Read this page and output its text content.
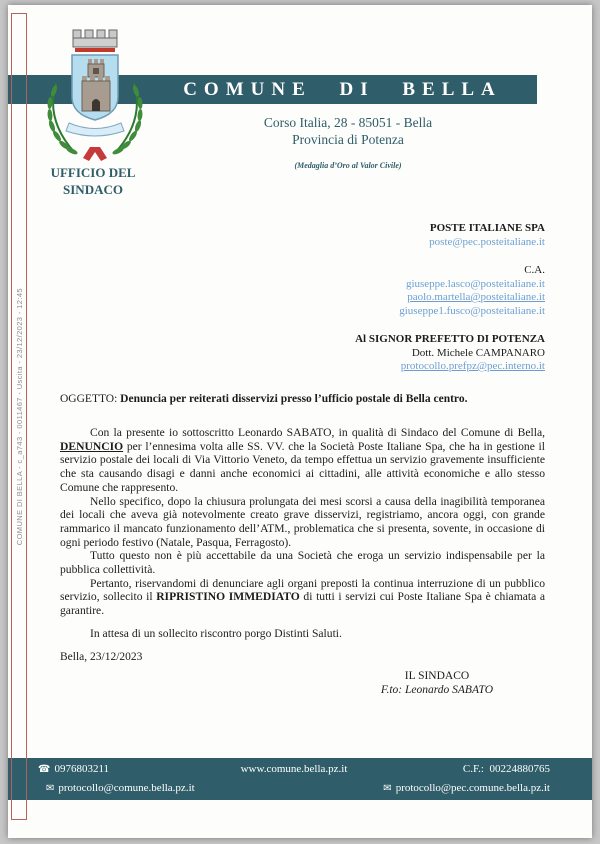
COMUNE DI BELLA - c_a743 - 0011467 - Uscita - 23/12/2023 - 12:45
COMUNE DI BELLA
UFFICIO DEL
SINDACO
Corso Italia, 28 - 85051 - Bella
Provincia di Potenza
(Medaglia d’Oro al Valor Civile)
POSTE ITALIANE SPA
poste@pec.posteitaliane.it
C.A.
giuseppe.lasco@posteitaliane.it
paolo.martella@posteitaliane.it
giuseppe1.fusco@posteitaliane.it
Al SIGNOR PREFETTO DI POTENZA
Dott. Michele CAMPANARO
protocollo.prefpz@pec.interno.it
OGGETTO: Denuncia per reiterati disservizi presso l’ufficio postale di Bella centro.

Con la presente io sottoscritto Leonardo SABATO, in qualità di Sindaco del Comune di Bella, DENUNCIO per l’ennesima volta alle SS. VV. che la Società Poste Italiane Spa, che ha in gestione il servizio postale dei locali di Via Vittorio Veneto, da tempo effettua un servizio gravemente insufficiente che sta causando disagi e danni anche economici ai cittadini, alle attività economiche e allo stesso Comune che rappresento.

Nello specifico, dopo la chiusura prolungata dei mesi scorsi a causa della inagibilità temporanea dei locali che aveva già notevolmente creato grave disservizi, registriamo, ancora oggi, con grande rammarico il mancato funzionamento dell’ATM., problematica che si presenta, sovente, in occasione di ogni periodo festivo (Natale, Pasqua, Ferragosto).

Tutto questo non è più accettabile da una Società che eroga un servizio indispensabile per la pubblica collettività.

Pertanto, riservandomi di denunciare agli organi preposti la continua interruzione di un pubblico servizio, sollecito il RIPRISTINO IMMEDIATO di tutti i servizi cui Poste Italiane Spa è chiamata a garantire.

In attesa di un sollecito riscontro porgo Distinti Saluti.

Bella, 23/12/2023
IL SINDACO
F.to: Leonardo SABATO
☎ 0976803211	www.comune.bella.pz.it	C.F.: 00224880765
✉ protocollo@comune.bella.pz.it	✉ protocollo@pec.comune.bella.pz.it
